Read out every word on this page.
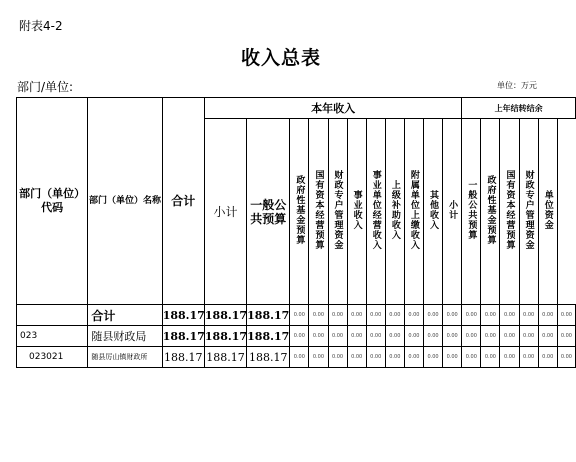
附表4-2
收入总表
部门/单位:	单位：万元
部门（单位）代码	部门（单位）名称	合计	本年收入											上年结转结余					
			小计	一般公共预算	政府性基金预算	国有资本经营预算	财政专户管理资金	事业收入	事业单位经营收入	上级补助收入	附属单位上缴收入	其他收入	小计	一般公共预算	政府性基金预算	国有资本经营预算	财政专户管理资金	单位资金	
	合计	188.17	188.17	188.17	0.00	0.00	0.00	0.00	0.00	0.00	0.00	0.00	0.00	0.00	0.00	0.00	0.00	0.00	0.00
023	随县财政局	188.17	188.17	188.17	0.00	0.00	0.00	0.00	0.00	0.00	0.00	0.00	0.00	0.00	0.00	0.00	0.00	0.00	0.00
023021	随县厉山镇财政所	188.17	188.17	188.17	0.00	0.00	0.00	0.00	0.00	0.00	0.00	0.00	0.00	0.00	0.00	0.00	0.00	0.00	0.00
